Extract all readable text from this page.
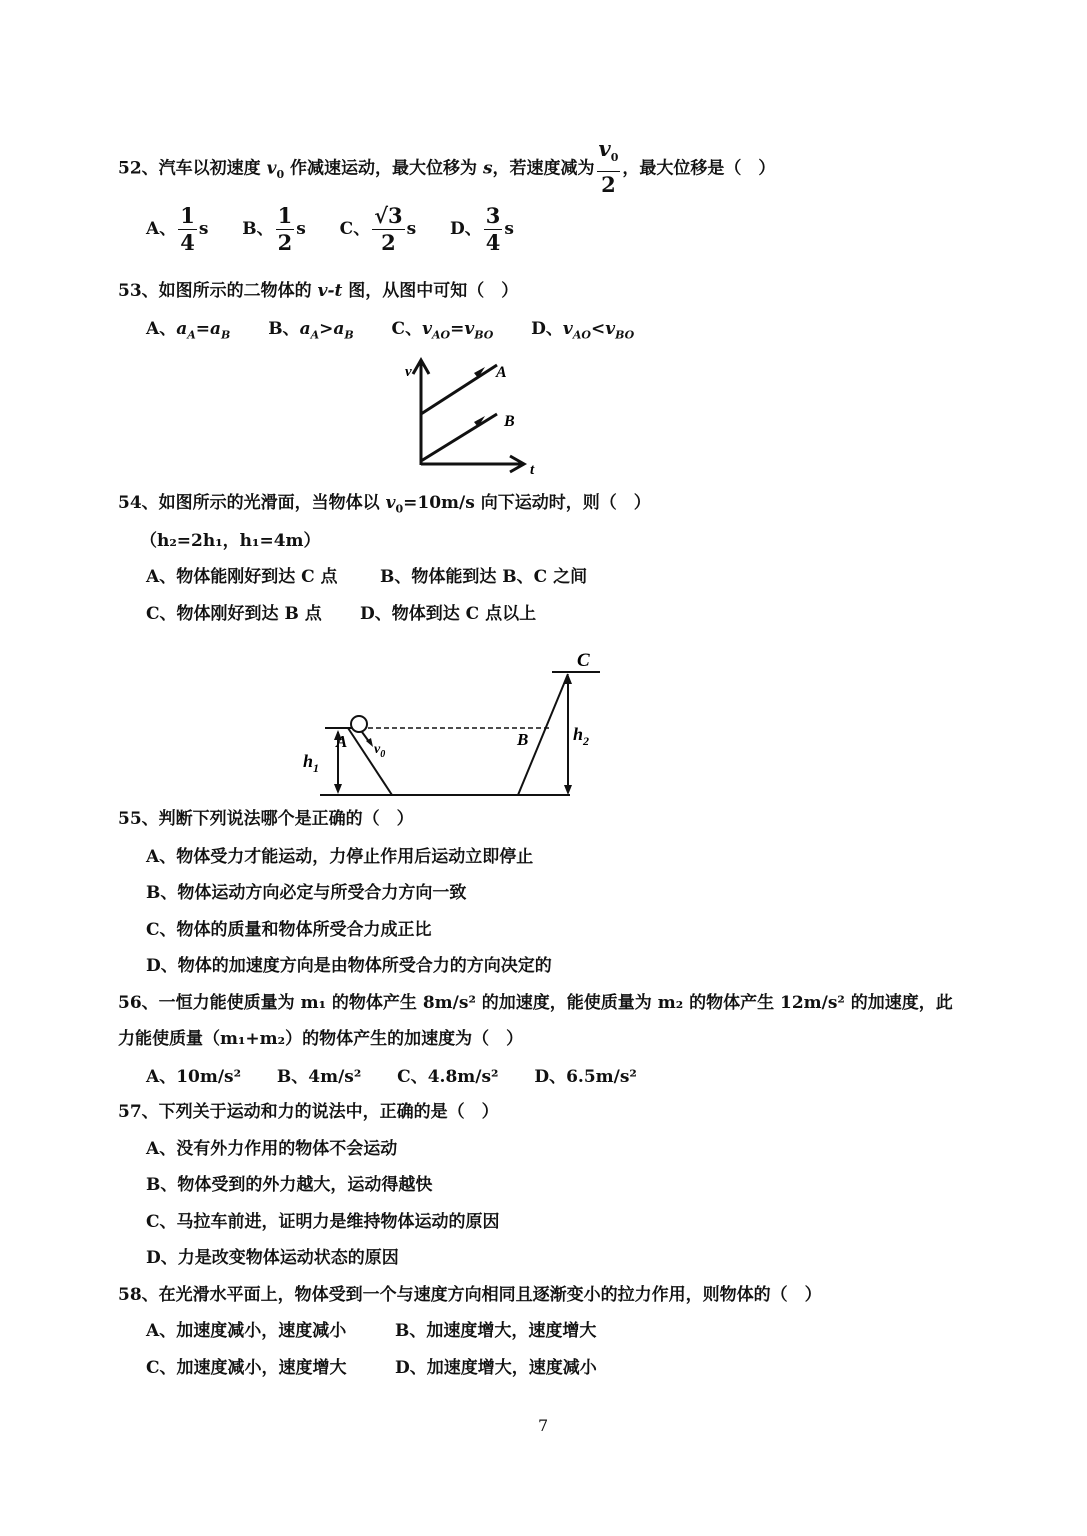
52、汽车以初速度 $v_0$ 作减速运动，最大位移为 s，若速度减为 $\frac{v_0}{2}$ ，最大位移是（　）
A、 $\frac{1}{4}$ s B、 $\frac{1}{2}$ s C、 $\frac{√3}{2}$ s D、 $\frac{3}{4}$ s
53、如图所示的二物体的 v-t 图，从图中可知（　）
A、$a_A=a_B$ B、$a_A>a_B$ C、$v_{AO}=v_{BO}$ D、$v_{AO}<v_{BO}$
v
t
A
B
54、如图所示的光滑面，当物体以 $v_0=10m/s$ 向下运动时，则（　）
（h₂=2h₁，h₁=4m）
A、物体能刚好到达 C 点 B、物体能到达 B、C 之间
C、物体刚好到达 B 点 D、物体到达 C 点以上
C
A	B
$v_0$
$h_1$
$h_2$
55、判断下列说法哪个是正确的（　）
A、物体受力才能运动，力停止作用后运动立即停止
B、物体运动方向必定与所受合力方向一致
C、物体的质量和物体所受合力成正比
D、物体的加速度方向是由物体所受合力的方向决定的
56、一恒力能使质量为 m₁ 的物体产生 8m/s² 的加速度，能使质量为 m₂ 的物体产生 12m/s² 的加速度，此
力能使质量（m₁+m₂）的物体产生的加速度为（　）
A、10m/s² B、4m/s² C、4.8m/s² D、6.5m/s²
57、下列关于运动和力的说法中，正确的是（　）
A、没有外力作用的物体不会运动
B、物体受到的外力越大，运动得越快
C、马拉车前进，证明力是维持物体运动的原因
D、力是改变物体运动状态的原因
58、在光滑水平面上，物体受到一个与速度方向相同且逐渐变小的拉力作用，则物体的（　）
A、加速度减小，速度减小	B、加速度增大，速度增大
C、加速度减小，速度增大	D、加速度增大，速度减小
7
